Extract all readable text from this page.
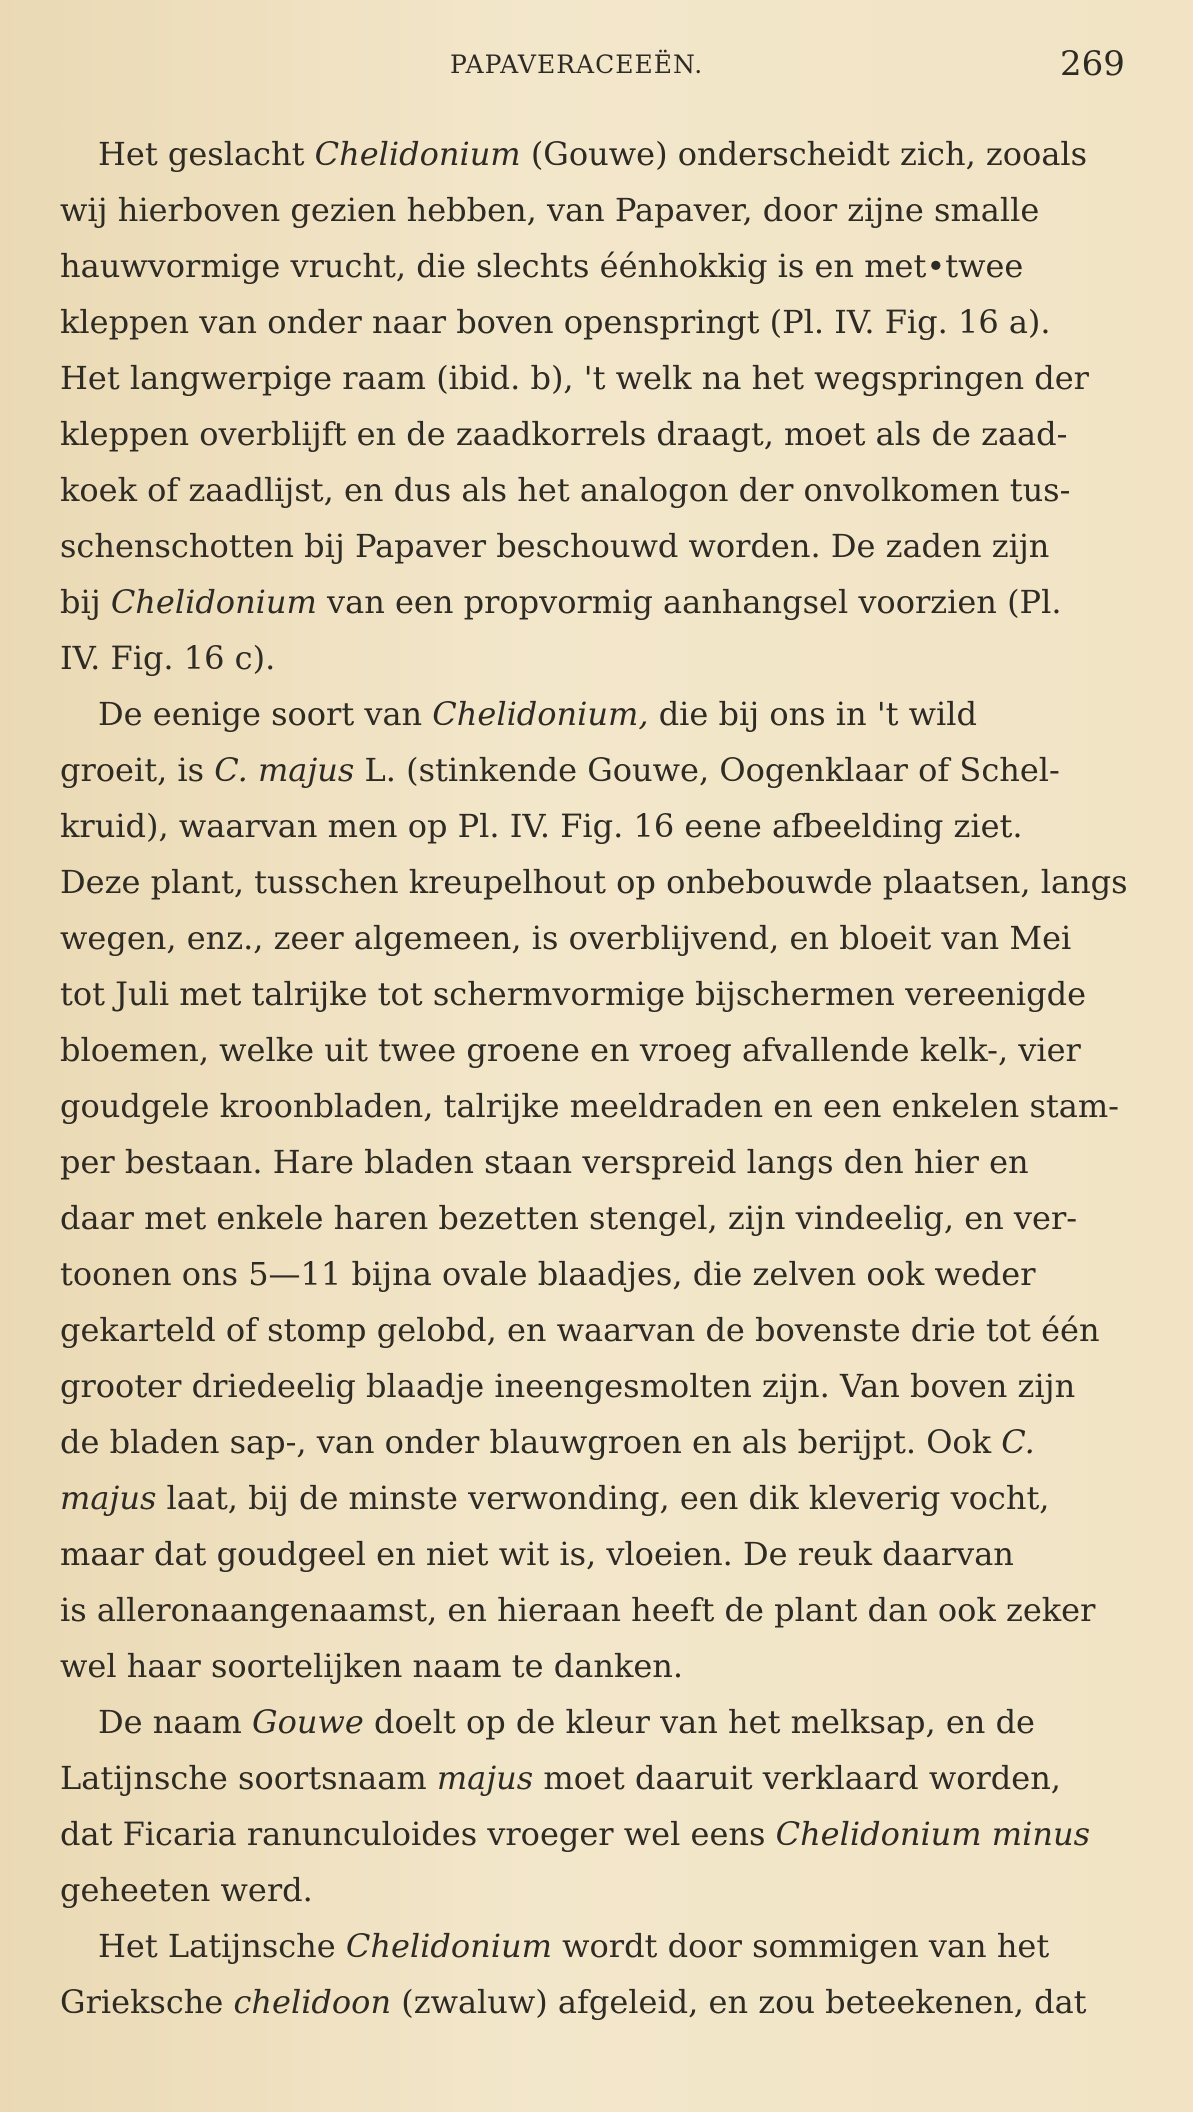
PAPAVERACEEËN.	269
Het geslacht Chelidonium (Gouwe) onderscheidt zich, zooals
wij hierboven gezien hebben, van Papaver, door zijne smalle
hauwvormige vrucht, die slechts éénhokkig is en met•twee
kleppen van onder naar boven openspringt (Pl. IV. Fig. 16 a).
Het langwerpige raam (ibid. b), 't welk na het wegspringen der
kleppen overblijft en de zaadkorrels draagt, moet als de zaad-
koek of zaadlijst, en dus als het analogon der onvolkomen tus-
schenschotten bij Papaver beschouwd worden. De zaden zijn
bij Chelidonium van een propvormig aanhangsel voorzien (Pl.
IV. Fig. 16 c).
De eenige soort van Chelidonium, die bij ons in 't wild
groeit, is C. majus L. (stinkende Gouwe, Oogenklaar of Schel-
kruid), waarvan men op Pl. IV. Fig. 16 eene afbeelding ziet.
Deze plant, tusschen kreupelhout op onbebouwde plaatsen, langs
wegen, enz., zeer algemeen, is overblijvend, en bloeit van Mei
tot Juli met talrijke tot schermvormige bijschermen vereenigde
bloemen, welke uit twee groene en vroeg afvallende kelk-, vier
goudgele kroonbladen, talrijke meeldraden en een enkelen stam-
per bestaan. Hare bladen staan verspreid langs den hier en
daar met enkele haren bezetten stengel, zijn vindeelig, en ver-
toonen ons 5—11 bijna ovale blaadjes, die zelven ook weder
gekarteld of stomp gelobd, en waarvan de bovenste drie tot één
grooter driedeelig blaadje ineengesmolten zijn. Van boven zijn
de bladen sap-, van onder blauwgroen en als berijpt. Ook C.
majus laat, bij de minste verwonding, een dik kleverig vocht,
maar dat goudgeel en niet wit is, vloeien. De reuk daarvan
is alleronaangenaamst, en hieraan heeft de plant dan ook zeker
wel haar soortelijken naam te danken.
De naam Gouwe doelt op de kleur van het melksap, en de
Latijnsche soortsnaam majus moet daaruit verklaard worden,
dat Ficaria ranunculoides vroeger wel eens Chelidonium minus
geheeten werd.
Het Latijnsche Chelidonium wordt door sommigen van het
Grieksche chelidoon (zwaluw) afgeleid, en zou beteekenen, dat
